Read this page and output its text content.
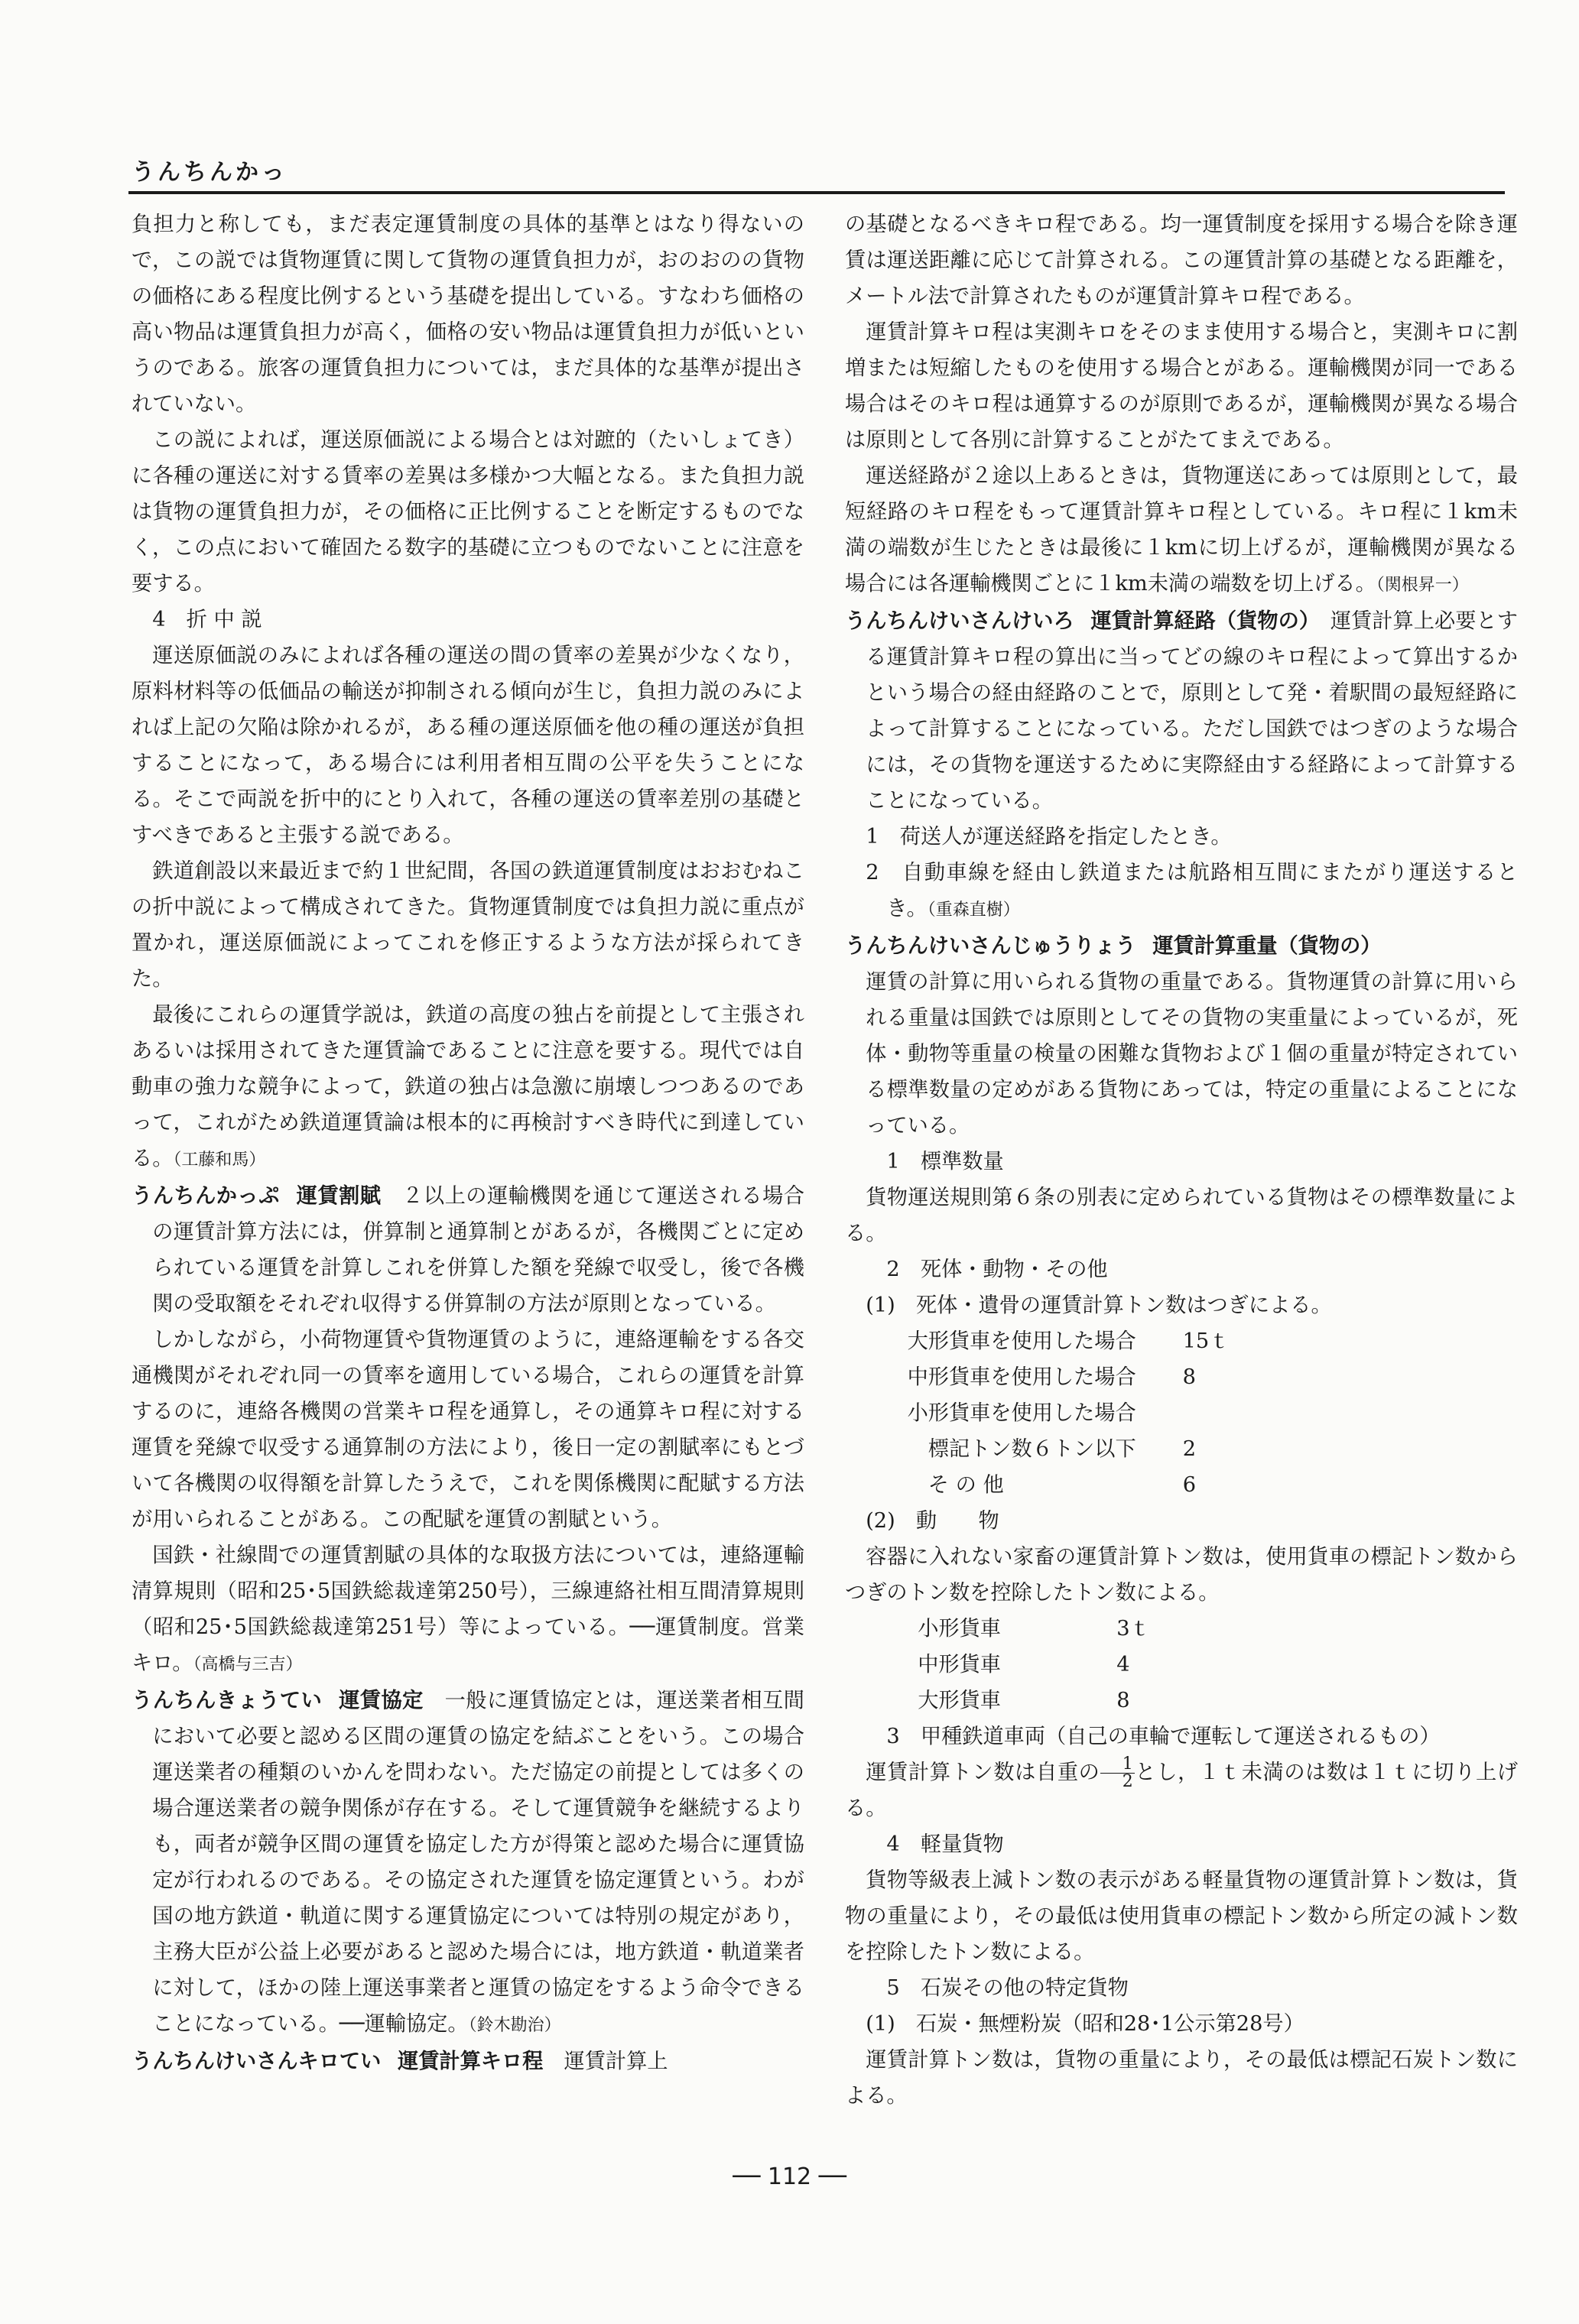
うんちんかっ
負担力と称しても，まだ表定運賃制度の具体的基準とはなり得ないので，この説では貨物運賃に関して貨物の運賃負担力が，おのおのの貨物の価格にある程度比例するという基礎を提出している。すなわち価格の高い物品は運賃負担力が高く，価格の安い物品は運賃負担力が低いというのである。旅客の運賃負担力については，まだ具体的な基準が提出されていない。
この説によれば，運送原価説による場合とは対蹠的（たいしょてき）に各種の運送に対する賃率の差異は多様かつ大幅となる。また負担力説は貨物の運賃負担力が，その価格に正比例することを断定するものでなく，この点において確固たる数字的基礎に立つものでないことに注意を要する。
4　折 中 説
運送原価説のみによれば各種の運送の間の賃率の差異が少なくなり，原料材料等の低価品の輸送が抑制される傾向が生じ，負担力説のみによれば上記の欠陥は除かれるが，ある種の運送原価を他の種の運送が負担することになって，ある場合には利用者相互間の公平を失うことになる。そこで両説を折中的にとり入れて，各種の運送の賃率差別の基礎とすべきであると主張する説である。
鉄道創設以来最近まで約１世紀間，各国の鉄道運賃制度はおおむねこの折中説によって構成されてきた。貨物運賃制度では負担力説に重点が置かれ，運送原価説によってこれを修正するような方法が採られてきた。
最後にこれらの運賃学説は，鉄道の高度の独占を前提として主張されあるいは採用されてきた運賃論であることに注意を要する。現代では自動車の強力な競争によって，鉄道の独占は急激に崩壊しつつあるのであって，これがため鉄道運賃論は根本的に再検討すべき時代に到達している。（工藤和馬）
うんちんかっぷ 運賃割賦　 ２以上の運輸機関を通じて運送される場合の運賃計算方法には，併算制と通算制とがあるが，各機関ごとに定められている運賃を計算しこれを併算した額を発線で収受し，後で各機関の受取額をそれぞれ収得する併算制の方法が原則となっている。
しかしながら，小荷物運賃や貨物運賃のように，連絡運輸をする各交通機関がそれぞれ同一の賃率を適用している場合，これらの運賃を計算するのに，連絡各機関の営業キロ程を通算し，その通算キロ程に対する運賃を発線で収受する通算制の方法により，後日一定の割賦率にもとづいて各機関の収得額を計算したうえで，これを関係機関に配賦する方法が用いられることがある。この配賦を運賃の割賦という。
国鉄・社線間での運賃割賦の具体的な取扱方法については，連絡運輸清算規則（昭和25･5国鉄総裁達第250号），三線連絡社相互間清算規則（昭和25･5国鉄総裁達第251号）等によっている。──運賃制度。営業キロ。（高橋与三吉）
うんちんきょうてい 運賃協定　 一般に運賃協定とは，運送業者相互間において必要と認める区間の運賃の協定を結ぶことをいう。この場合運送業者の種類のいかんを問わない。ただ協定の前提としては多くの場合運送業者の競争関係が存在する。そして運賃競争を継続するよりも，両者が競争区間の運賃を協定した方が得策と認めた場合に運賃協定が行われるのである。その協定された運賃を協定運賃という。わが国の地方鉄道・軌道に関する運賃協定については特別の規定があり，主務大臣が公益上必要があると認めた場合には，地方鉄道・軌道業者に対して，ほかの陸上運送事業者と運賃の協定をするよう命令できることになっている。──運輸協定。（鈴木勘治）
うんちんけいさんキロてい 運賃計算キロ程　 運賃計算上
の基礎となるべきキロ程である。均一運賃制度を採用する場合を除き運賃は運送距離に応じて計算される。この運賃計算の基礎となる距離を，メートル法で計算されたものが運賃計算キロ程である。
運賃計算キロ程は実測キロをそのまま使用する場合と，実測キロに割増または短縮したものを使用する場合とがある。運輸機関が同一である場合はそのキロ程は通算するのが原則であるが，運輸機関が異なる場合は原則として各別に計算することがたてまえである。
運送経路が２途以上あるときは，貨物運送にあっては原則として，最短経路のキロ程をもって運賃計算キロ程としている。キロ程に１km未満の端数が生じたときは最後に１kmに切上げるが，運輸機関が異なる場合には各運輸機関ごとに１km未満の端数を切上げる。（関根昇一）
うんちんけいさんけいろ 運賃計算経路（貨物の）　 運賃計算上必要とする運賃計算キロ程の算出に当ってどの線のキロ程によって算出するかという場合の経由経路のことで，原則として発・着駅間の最短経路によって計算することになっている。ただし国鉄ではつぎのような場合には，その貨物を運送するために実際経由する経路によって計算することになっている。
1　荷送人が運送経路を指定したとき。
2　自動車線を経由し鉄道または航路相互間にまたがり運送するとき。（重森直樹）
うんちんけいさんじゅうりょう 運賃計算重量（貨物の）
運賃の計算に用いられる貨物の重量である。貨物運賃の計算に用いられる重量は国鉄では原則としてその貨物の実重量によっているが，死体・動物等重量の検量の困難な貨物および１個の重量が特定されている標準数量の定めがある貨物にあっては，特定の重量によることになっている。
1　標準数量
貨物運送規則第６条の別表に定められている貨物はその標準数量による。
2　死体・動物・その他
(1)　死体・遺骨の運賃計算トン数はつぎによる。
大形貨車を使用した場合	15ｔ
中形貨車を使用した場合	8
小形貨車を使用した場合
標記トン数６トン以下	2
そ の 他	6
(2)　動　　物
容器に入れない家畜の運賃計算トン数は，使用貨車の標記トン数からつぎのトン数を控除したトン数による。
小形貨車	3ｔ
中形貨車	4
大形貨車	8
3　甲種鉄道車両（自己の車輪で運転して運送されるもの）
運賃計算トン数は自重の $\frac{1}{2}$ とし，１ｔ未満のは数は１ｔに切り上げる。
4　軽量貨物
貨物等級表上減トン数の表示がある軽量貨物の運賃計算トン数は，貨物の重量により，その最低は使用貨車の標記トン数から所定の減トン数を控除したトン数による。
5　石炭その他の特定貨物
(1)　石炭・無煙粉炭（昭和28･1公示第28号）
運賃計算トン数は，貨物の重量により，その最低は標記石炭トン数による。
── 112 ──
